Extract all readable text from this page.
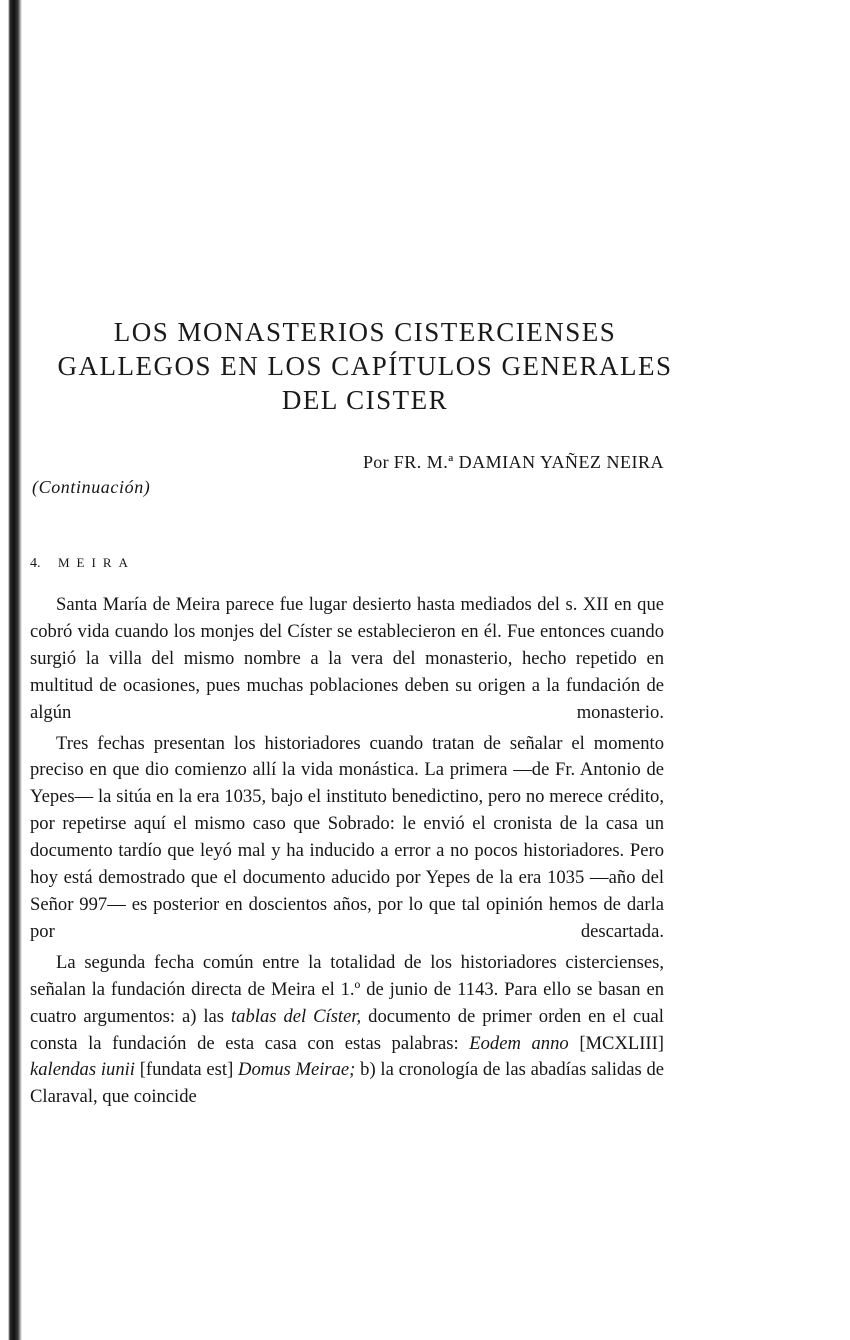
LOS MONASTERIOS CISTERCIENSES
GALLEGOS EN LOS CAPÍTULOS GENERALES
DEL CISTER
Por FR. M.ª DAMIAN YAÑEZ NEIRA
(Continuación)
4. MEIRA

Santa María de Meira parece fue lugar desierto hasta mediados del s. XII en que cobró vida cuando los monjes del Císter se establecieron en él. Fue entonces cuando surgió la villa del mismo nombre a la vera del monasterio, hecho repetido en multitud de ocasiones, pues muchas poblaciones deben su origen a la fundación de algún monasterio.

Tres fechas presentan los historiadores cuando tratan de señalar el momento preciso en que dio comienzo allí la vida monástica. La primera —de Fr. Antonio de Yepes— la sitúa en la era 1035, bajo el instituto benedictino, pero no merece crédito, por repetirse aquí el mismo caso que Sobrado: le envió el cronista de la casa un documento tardío que leyó mal y ha inducido a error a no pocos historiadores. Pero hoy está demostrado que el documento aducido por Yepes de la era 1035 —año del Señor 997— es posterior en doscientos años, por lo que tal opinión hemos de darla por descartada.

La segunda fecha común entre la totalidad de los historiadores cistercienses, señalan la fundación directa de Meira el 1.º de junio de 1143. Para ello se basan en cuatro argumentos: a) las tablas del Císter, documento de primer orden en el cual consta la fundación de esta casa con estas palabras: Eodem anno [MCXLIII] kalendas iunii [fundata est] Domus Meirae; b) la cronología de las abadías salidas de Claraval, que coincide
